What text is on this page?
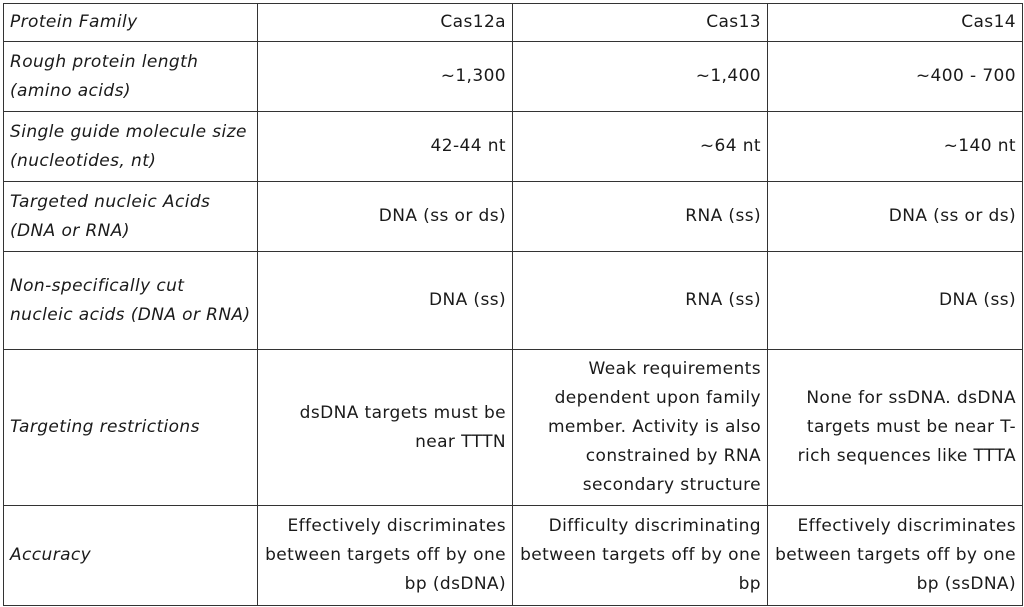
Protein Family	Cas12a	Cas13	Cas14
Rough protein length (amino acids)	~1,300	~1,400	~400 - 700
Single guide molecule size (nucleotides, nt)	42-44 nt	~64 nt	~140 nt
Targeted nucleic Acids (DNA or RNA)	DNA (ss or ds)	RNA (ss)	DNA (ss or ds)
Non-specifically cut nucleic acids (DNA or RNA)	DNA (ss)	RNA (ss)	DNA (ss)
Targeting restrictions	dsDNA targets must be near TTTN	Weak requirements dependent upon family member. Activity is also constrained by RNA secondary structure	None for ssDNA. dsDNA targets must be near T-rich sequences like TTTA
Accuracy	Effectively discriminates between targets off by one bp (dsDNA)	Difficulty discriminating between targets off by one bp	Effectively discriminates between targets off by one bp (ssDNA)
